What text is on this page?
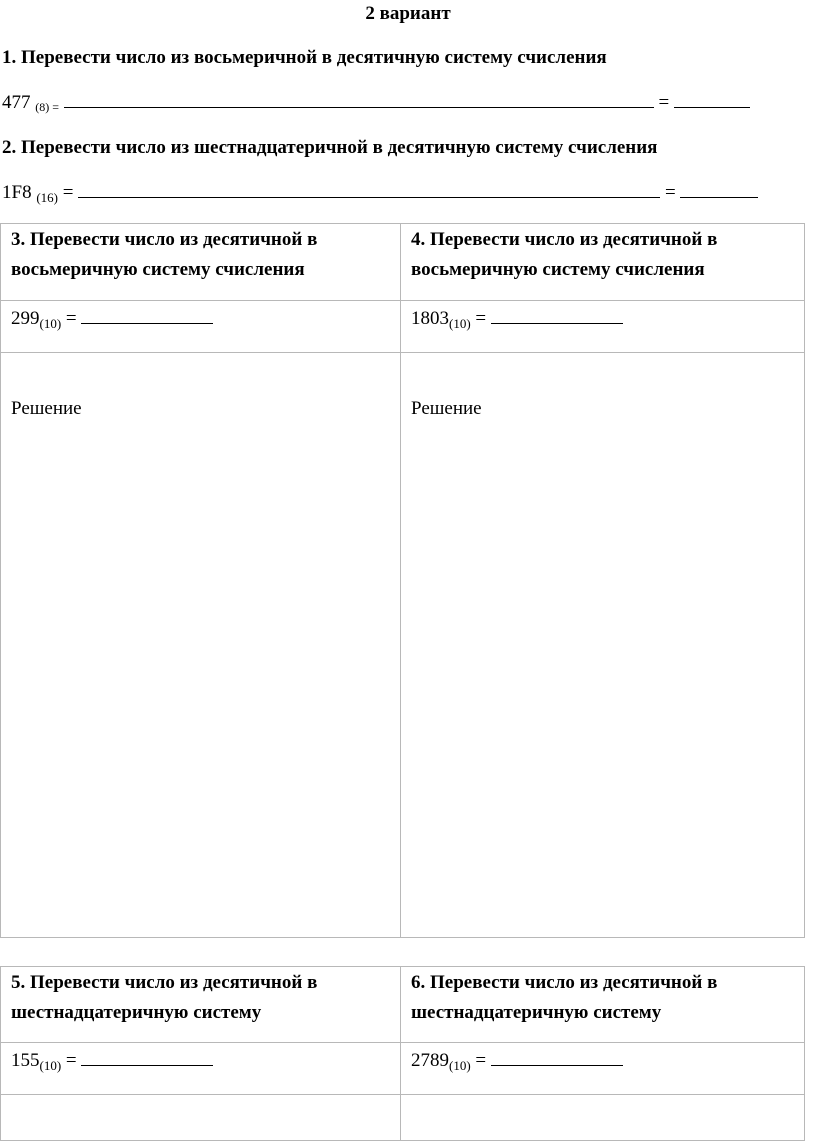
2 вариант
1. Перевести число из восьмеричной в десятичную систему счисления
477 (8) =	=
2. Перевести число из шестнадцатеричной в десятичную систему счисления
1F8 $_{(16)}$ =	=
3. Перевести число из десятичной в восьмеричную систему счисления	4. Перевести число из десятичной в восьмеричную систему счисления
$299_{(10)}$ =	$1803_{(10)}$ =

Решение	Решение
5. Перевести число из десятичной в шестнадцатеричную систему	6. Перевести число из десятичной в шестнадцатеричную систему
$155_{(10)}$ =	$2789_{(10)}$ =
